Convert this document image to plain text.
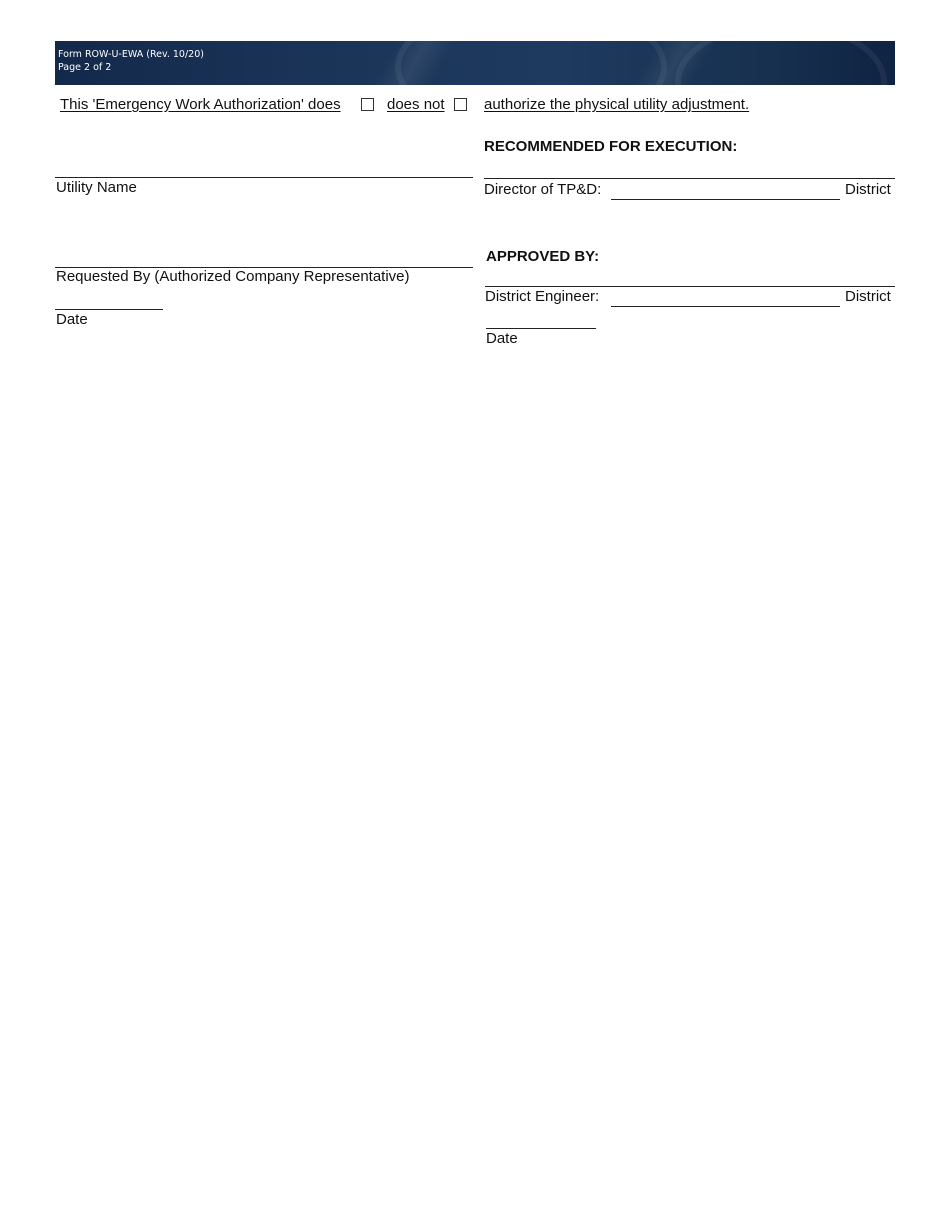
Form ROW-U-EWA (Rev. 10/20)
Page 2 of 2
This 'Emergency Work Authorization' does	does not	authorize the physical utility adjustment.
Utility Name
Requested By (Authorized Company Representative)
Date
RECOMMENDED FOR EXECUTION:
Director of TP&D:	District
APPROVED BY:
District Engineer:	District
Date
